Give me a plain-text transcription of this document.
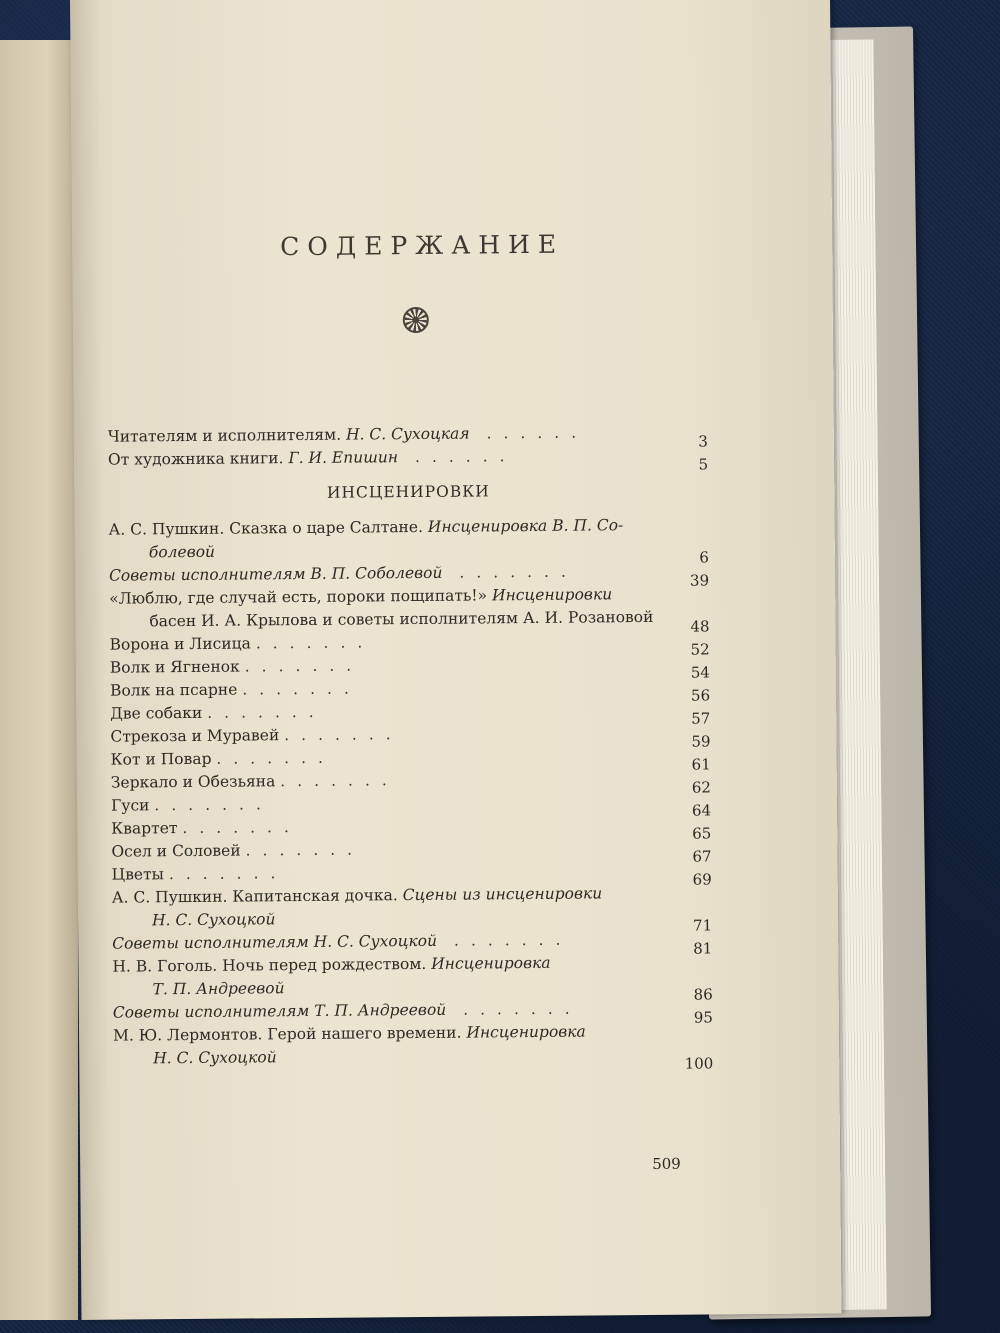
СОДЕРЖАНИЕ
Читателям и исполнителям. Н. С. Сухоцкая ......	3
От художника книги. Г. И. Епишин ......	5
ИНСЦЕНИРОВКИ
А. С. Пушкин. Сказка о царе Салтане. Инсценировка В. П. Со-
болевой	6
Советы исполнителям В. П. Соболевой .......	39
«Люблю, где случай есть, пороки пощипать!» Инсценировки
басен И. А. Крылова и советы исполнителям А. И. Розановой	48
Ворона и Лисица .......	52
Волк и Ягненок .......	54
Волк на псарне .......	56
Две собаки .......	57
Стрекоза и Муравей .......	59
Кот и Повар .......	61
Зеркало и Обезьяна .......	62
Гуси .......	64
Квартет .......	65
Осел и Соловей .......	67
Цветы .......	69
А. С. Пушкин. Капитанская дочка. Сцены из инсценировки
Н. С. Сухоцкой	71
Советы исполнителям Н. С. Сухоцкой .......	81
Н. В. Гоголь. Ночь перед рождеством. Инсценировка
Т. П. Андреевой	86
Советы исполнителям Т. П. Андреевой .......	95
М. Ю. Лермонтов. Герой нашего времени. Инсценировка
Н. С. Сухоцкой	100
509
